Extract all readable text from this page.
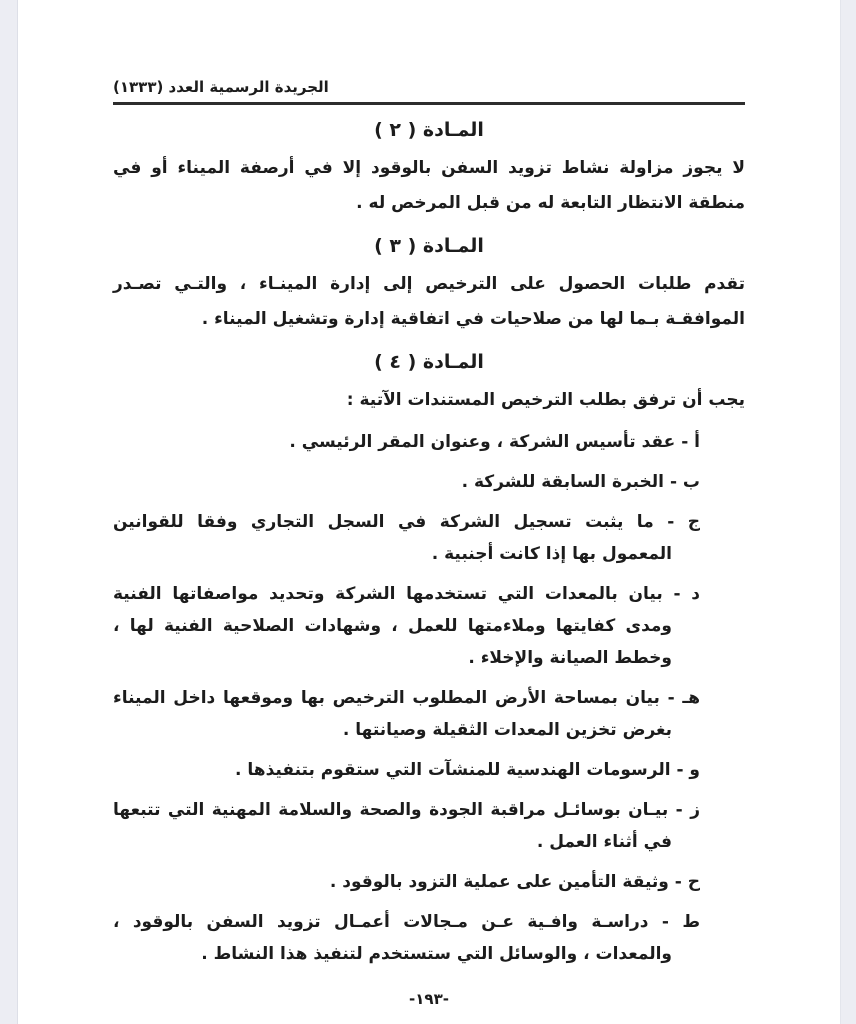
الجريدة الرسمية العدد (١٣٣٣)
المـادة ( ٢ )

لا يجوز مزاولة نشاط تزويد السفن بالوقود إلا في أرصفة الميناء أو في منطقة الانتظار التابعة له من قبل المرخص له .

المـادة ( ٣ )

تقدم طلبات الحصول على الترخيص إلى إدارة المينـاء ، والتـي تصـدر الموافقـة بـما لها من صلاحيات في اتفاقية إدارة وتشغيل الميناء .

المـادة ( ٤ )

يجب أن ترفق بطلب الترخيص المستندات الآتية :

أ - عقد تأسيس الشركة ، وعنوان المقر الرئيسي .

ب - الخبرة السابقة للشركة .

ج - ما يثبت تسجيل الشركة في السجل التجاري وفقا للقوانين المعمول بها إذا كانت أجنبية .

د - بيان بالمعدات التي تستخدمها الشركة وتحديد مواصفاتها الفنية ومدى كفايتها وملاءمتها للعمل ، وشهادات الصلاحية الفنية لها ، وخطط الصيانة والإخلاء .

هـ - بيان بمساحة الأرض المطلوب الترخيص بها وموقعها داخل الميناء بغرض تخزين المعدات الثقيلة وصيانتها .

و - الرسومات الهندسية للمنشآت التي ستقوم بتنفيذها .

ز - بيـان بوسائـل مراقبة الجودة والصحة والسلامة المهنية التي تتبعها في أثناء العمل .

ح - وثيقة التأمين على عملية التزود بالوقود .

ط - دراسـة وافـية عـن مـجالات أعمـال تزويد السفن بالوقود ، والمعدات ، والوسائل التي ستستخدم لتنفيذ هذا النشاط .

-١٩٣-
